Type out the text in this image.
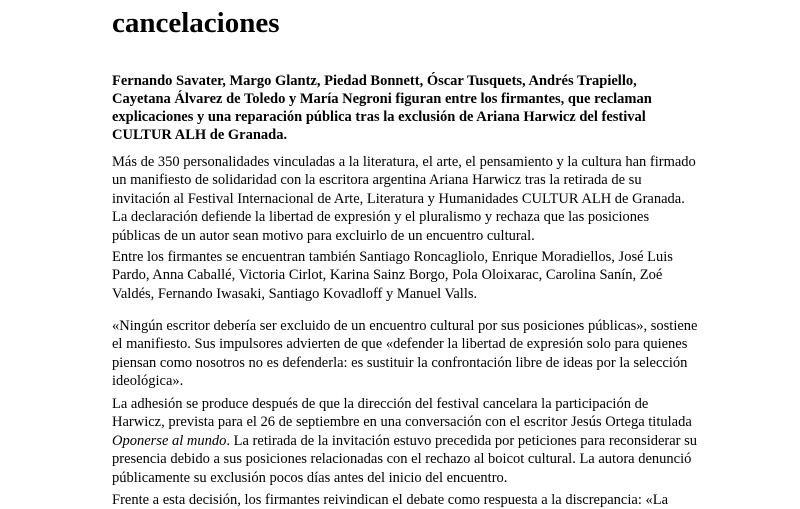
cancelaciones

Fernando Savater, Margo Glantz, Piedad Bonnett, Óscar Tusquets, Andrés Trapiello,
Cayetana Álvarez de Toledo y María Negroni figuran entre los firmantes, que reclaman
explicaciones y una reparación pública tras la exclusión de Ariana Harwicz del festival
CULTUR ALH de Granada.

Más de 350 personalidades vinculadas a la literatura, el arte, el pensamiento y la cultura han firmado
un manifiesto de solidaridad con la escritora argentina Ariana Harwicz tras la retirada de su
invitación al Festival Internacional de Arte, Literatura y Humanidades CULTUR ALH de Granada.
La declaración defiende la libertad de expresión y el pluralismo y rechaza que las posiciones
públicas de un autor sean motivo para excluirlo de un encuentro cultural.

Entre los firmantes se encuentran también Santiago Roncagliolo, Enrique Moradiellos, José Luis
Pardo, Anna Caballé, Victoria Cirlot, Karina Sainz Borgo, Pola Oloixarac, Carolina Sanín, Zoé
Valdés, Fernando Iwasaki, Santiago Kovadloff y Manuel Valls.

«Ningún escritor debería ser excluido de un encuentro cultural por sus posiciones públicas», sostiene
el manifiesto. Sus impulsores advierten de que «defender la libertad de expresión solo para quienes
piensan como nosotros no es defenderla: es sustituir la confrontación libre de ideas por la selección
ideológica».

La adhesión se produce después de que la dirección del festival cancelara la participación de
Harwicz, prevista para el 26 de septiembre en una conversación con el escritor Jesús Ortega titulada
Oponerse al mundo. La retirada de la invitación estuvo precedida por peticiones para reconsiderar su
presencia debido a sus posiciones relacionadas con el rechazo al boicot cultural. La autora denunció
públicamente su exclusión pocos días antes del inicio del encuentro.

Frente a esta decisión, los firmantes reivindican el debate como respuesta a la discrepancia: «La
